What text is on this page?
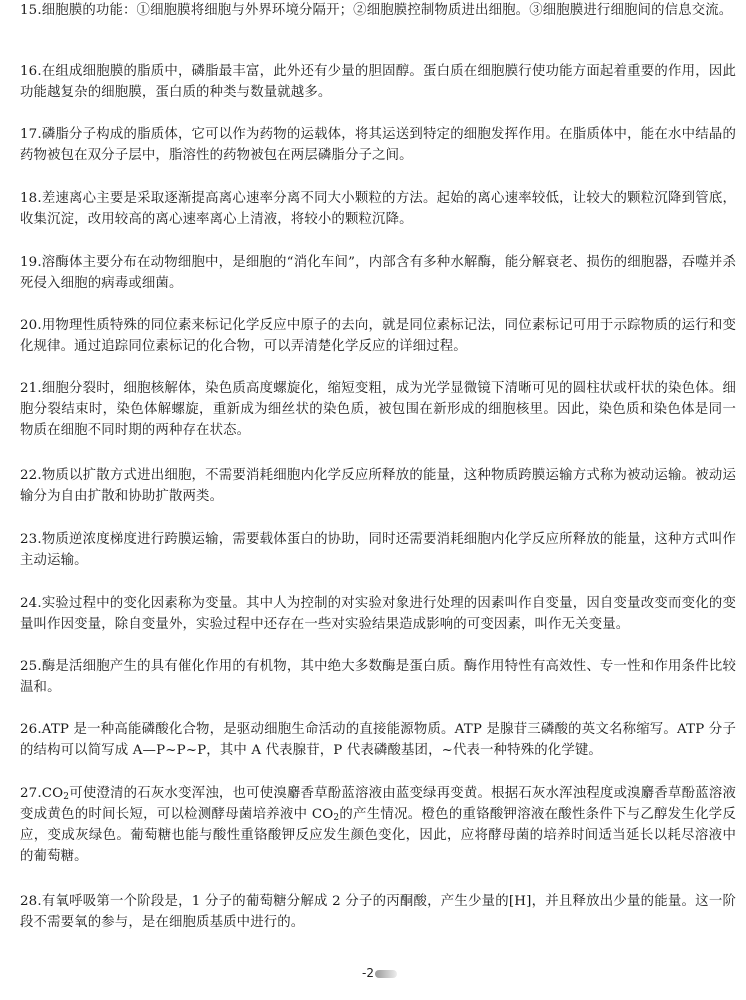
15.细胞膜的功能：①细胞膜将细胞与外界环境分隔开；②细胞膜控制物质进出细胞。③细胞膜进行细胞间的信息交流。

16.在组成细胞膜的脂质中，磷脂最丰富，此外还有少量的胆固醇。蛋白质在细胞膜行使功能方面起着重要的作用，因此功能越复杂的细胞膜，蛋白质的种类与数量就越多。

17.磷脂分子构成的脂质体，它可以作为药物的运载体，将其运送到特定的细胞发挥作用。在脂质体中，能在水中结晶的药物被包在双分子层中，脂溶性的药物被包在两层磷脂分子之间。

18.差速离心主要是采取逐渐提高离心速率分离不同大小颗粒的方法。起始的离心速率较低，让较大的颗粒沉降到管底，收集沉淀，改用较高的离心速率离心上清液，将较小的颗粒沉降。

19.溶酶体主要分布在动物细胞中，是细胞的“消化车间”，内部含有多种水解酶，能分解衰老、损伤的细胞器，吞噬并杀死侵入细胞的病毒或细菌。

20.用物理性质特殊的同位素来标记化学反应中原子的去向，就是同位素标记法，同位素标记可用于示踪物质的运行和变化规律。通过追踪同位素标记的化合物，可以弄清楚化学反应的详细过程。

21.细胞分裂时，细胞核解体，染色质高度螺旋化，缩短变粗，成为光学显微镜下清晰可见的圆柱状或杆状的染色体。细胞分裂结束时，染色体解螺旋，重新成为细丝状的染色质，被包围在新形成的细胞核里。因此，染色质和染色体是同一物质在细胞不同时期的两种存在状态。

22.物质以扩散方式进出细胞，不需要消耗细胞内化学反应所释放的能量，这种物质跨膜运输方式称为被动运输。被动运输分为自由扩散和协助扩散两类。

23.物质逆浓度梯度进行跨膜运输，需要载体蛋白的协助，同时还需要消耗细胞内化学反应所释放的能量，这种方式叫作主动运输。

24.实验过程中的变化因素称为变量。其中人为控制的对实验对象进行处理的因素叫作自变量，因自变量改变而变化的变量叫作因变量，除自变量外，实验过程中还存在一些对实验结果造成影响的可变因素，叫作无关变量。

25.酶是活细胞产生的具有催化作用的有机物，其中绝大多数酶是蛋白质。酶作用特性有高效性、专一性和作用条件比较温和。

26.ATP 是一种高能磷酸化合物，是驱动细胞生命活动的直接能源物质。ATP 是腺苷三磷酸的英文名称缩写。ATP 分子的结构可以简写成 A—P~P~P，其中 A 代表腺苷，P 代表磷酸基团，~代表一种特殊的化学键。

$27.CO_2$可使澄清的石灰水变浑浊，也可使溴麝香草酚蓝溶液由蓝变绿再变黄。根据石灰水浑浊程度或溴麝香草酚蓝溶液变成黄色的时间长短，可以检测酵母菌培养液中 $CO_2$的产生情况。橙色的重铬酸钾溶液在酸性条件下与乙醇发生化学反应，变成灰绿色。葡萄糖也能与酸性重铬酸钾反应发生颜色变化，因此，应将酵母菌的培养时间适当延长以耗尽溶液中的葡萄糖。

28.有氧呼吸第一个阶段是，1 分子的葡萄糖分解成 2 分子的丙酮酸，产生少量的[H]，并且释放出少量的能量。这一阶段不需要氧的参与，是在细胞质基质中进行的。

-2
